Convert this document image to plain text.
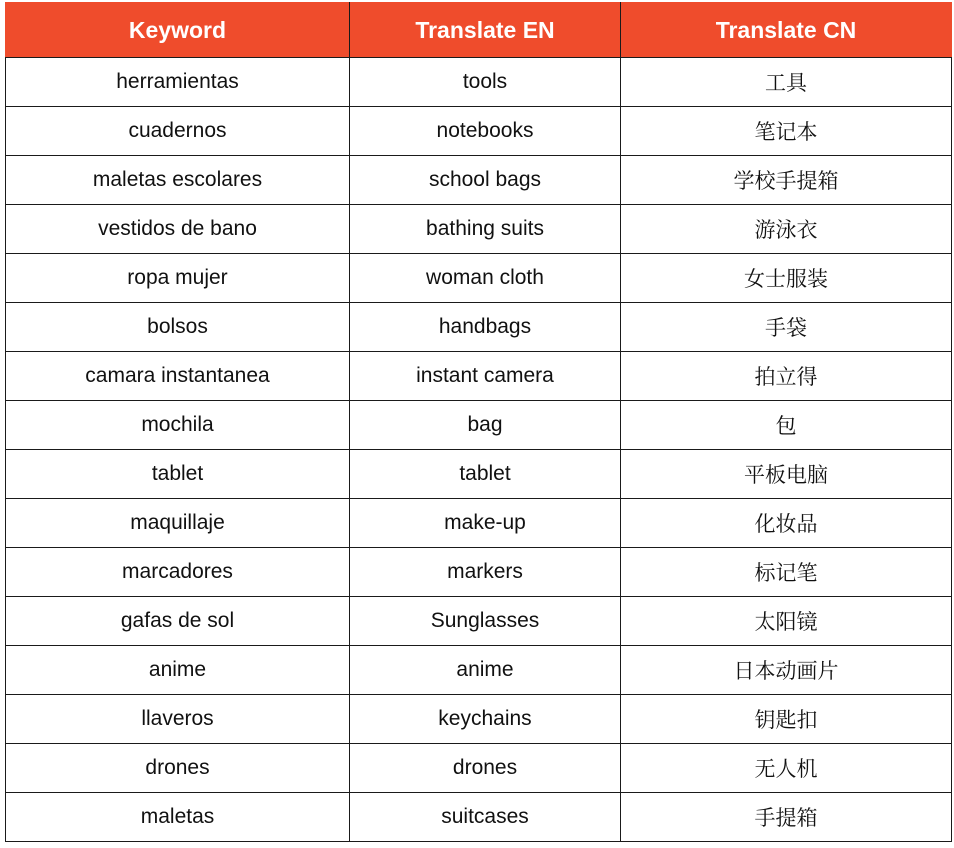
Keyword	Translate EN	Translate CN
herramientas	tools	工具
cuadernos	notebooks	笔记本
maletas escolares	school bags	学校手提箱
vestidos de bano	bathing suits	游泳衣
ropa mujer	woman cloth	女士服装
bolsos	handbags	手袋
camara instantanea	instant camera	拍立得
mochila	bag	包
tablet	tablet	平板电脑
maquillaje	make-up	化妆品
marcadores	markers	标记笔
gafas de sol	Sunglasses	太阳镜
anime	anime	日本动画片
llaveros	keychains	钥匙扣
drones	drones	无人机
maletas	suitcases	手提箱
